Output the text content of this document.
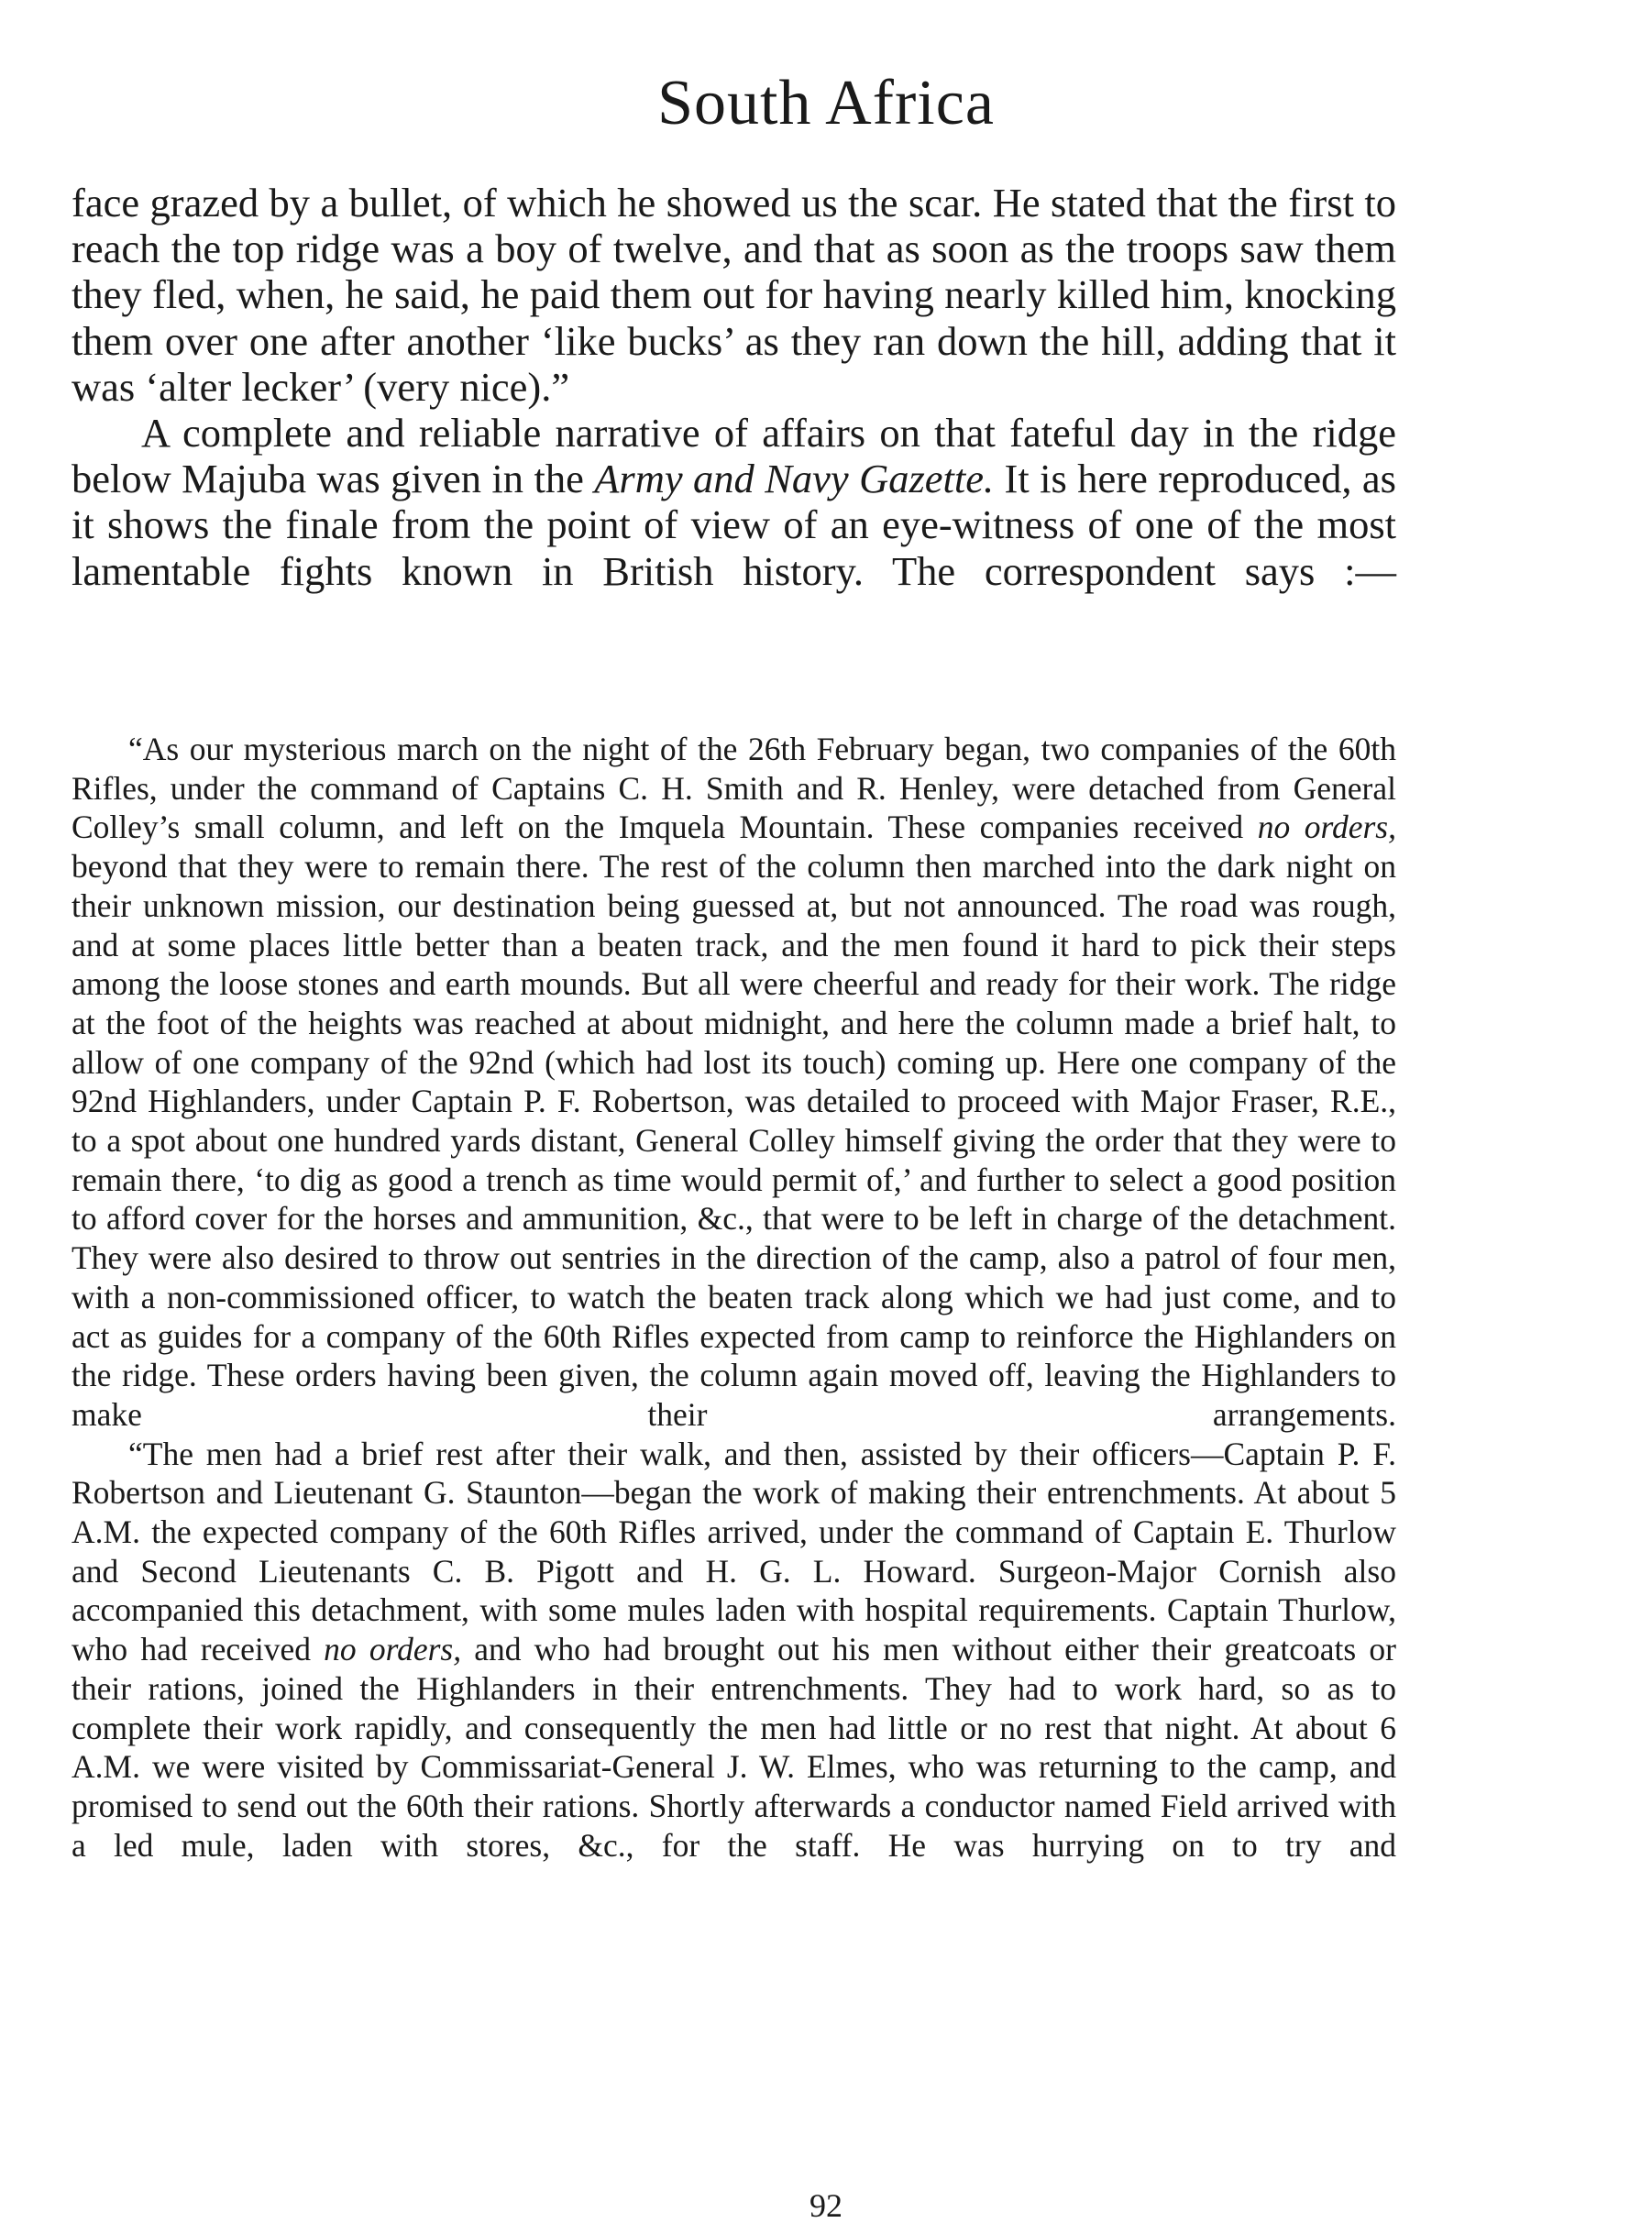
South Africa

face grazed by a bullet, of which he showed us the scar. He stated that the first to reach the top ridge was a boy of twelve, and that as soon as the troops saw them they fled, when, he said, he paid them out for having nearly killed him, knocking them over one after another ‘like bucks’ as they ran down the hill, adding that it was ‘alter lecker’ (very nice).”

A complete and reliable narrative of affairs on that fateful day in the ridge below Majuba was given in the Army and Navy Gazette. It is here reproduced, as it shows the finale from the point of view of an eye-witness of one of the most lamentable fights known in British history. The correspondent says :—

“As our mysterious march on the night of the 26th February began, two companies of the 60th Rifles, under the command of Captains C. H. Smith and R. Henley, were detached from General Colley’s small column, and left on the Imquela Mountain. These companies received no orders, beyond that they were to remain there. The rest of the column then marched into the dark night on their unknown mission, our destination being guessed at, but not announced. The road was rough, and at some places little better than a beaten track, and the men found it hard to pick their steps among the loose stones and earth mounds. But all were cheerful and ready for their work. The ridge at the foot of the heights was reached at about midnight, and here the column made a brief halt, to allow of one company of the 92nd (which had lost its touch) coming up. Here one company of the 92nd Highlanders, under Captain P. F. Robertson, was detailed to proceed with Major Fraser, R.E., to a spot about one hundred yards distant, General Colley himself giving the order that they were to remain there, ‘to dig as good a trench as time would permit of,’ and further to select a good position to afford cover for the horses and ammunition, &c., that were to be left in charge of the detachment. They were also desired to throw out sentries in the direction of the camp, also a patrol of four men, with a non-commissioned officer, to watch the beaten track along which we had just come, and to act as guides for a company of the 60th Rifles expected from camp to reinforce the Highlanders on the ridge. These orders having been given, the column again moved off, leaving the Highlanders to make their arrangements.

“The men had a brief rest after their walk, and then, assisted by their officers—Captain P. F. Robertson and Lieutenant G. Staunton—began the work of making their entrenchments. At about 5 A.M. the expected company of the 60th Rifles arrived, under the command of Captain E. Thurlow and Second Lieutenants C. B. Pigott and H. G. L. Howard. Surgeon-Major Cornish also accompanied this detachment, with some mules laden with hospital requirements. Captain Thurlow, who had received no orders, and who had brought out his men without either their greatcoats or their rations, joined the Highlanders in their entrenchments. They had to work hard, so as to complete their work rapidly, and consequently the men had little or no rest that night. At about 6 A.M. we were visited by Commissariat-General J. W. Elmes, who was returning to the camp, and promised to send out the 60th their rations. Shortly afterwards a conductor named Field arrived with a led mule, laden with stores, &c., for the staff. He was hurrying on to try and

92
